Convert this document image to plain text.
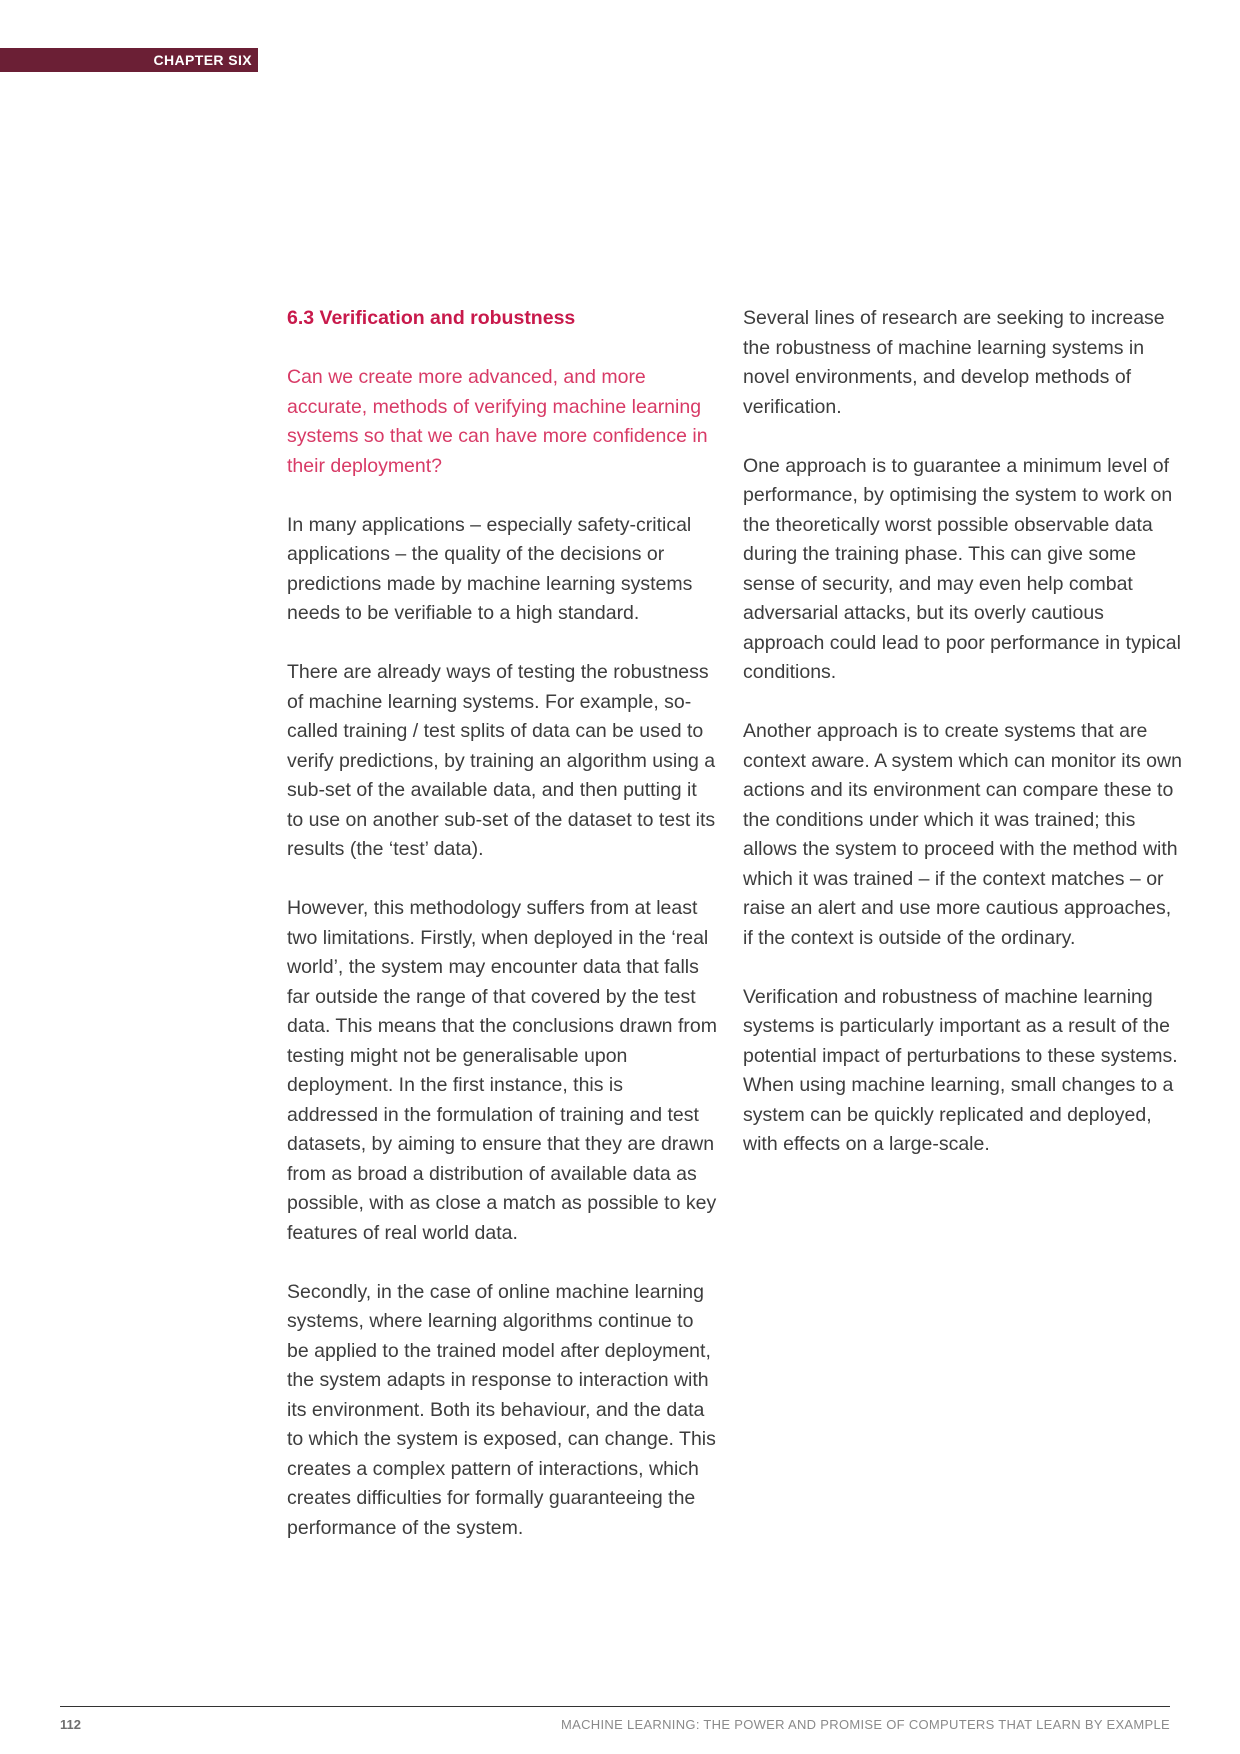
CHAPTER SIX

6.3 Verification and robustness

Can we create more advanced, and more accurate, methods of verifying machine learning systems so that we can have more confidence in their deployment?

In many applications – especially safety-critical applications – the quality of the decisions or predictions made by machine learning systems needs to be verifiable to a high standard.

There are already ways of testing the robustness of machine learning systems. For example, so-called training / test splits of data can be used to verify predictions, by training an algorithm using a sub-set of the available data, and then putting it to use on another sub-set of the dataset to test its results (the ‘test’ data).

However, this methodology suffers from at least two limitations. Firstly, when deployed in the ‘real world’, the system may encounter data that falls far outside the range of that covered by the test data. This means that the conclusions drawn from testing might not be generalisable upon deployment. In the first instance, this is addressed in the formulation of training and test datasets, by aiming to ensure that they are drawn from as broad a distribution of available data as possible, with as close a match as possible to key features of real world data.

Secondly, in the case of online machine learning systems, where learning algorithms continue to be applied to the trained model after deployment, the system adapts in response to interaction with its environment. Both its behaviour, and the data to which the system is exposed, can change. This creates a complex pattern of interactions, which creates difficulties for formally guaranteeing the performance of the system.

Several lines of research are seeking to increase the robustness of machine learning systems in novel environments, and develop methods of verification.

One approach is to guarantee a minimum level of performance, by optimising the system to work on the theoretically worst possible observable data during the training phase. This can give some sense of security, and may even help combat adversarial attacks, but its overly cautious approach could lead to poor performance in typical conditions.

Another approach is to create systems that are context aware. A system which can monitor its own actions and its environment can compare these to the conditions under which it was trained; this allows the system to proceed with the method with which it was trained – if the context matches – or raise an alert and use more cautious approaches, if the context is outside of the ordinary.

Verification and robustness of machine learning systems is particularly important as a result of the potential impact of perturbations to these systems. When using machine learning, small changes to a system can be quickly replicated and deployed, with effects on a large-scale.

112	MACHINE LEARNING: THE POWER AND PROMISE OF COMPUTERS THAT LEARN BY EXAMPLE
